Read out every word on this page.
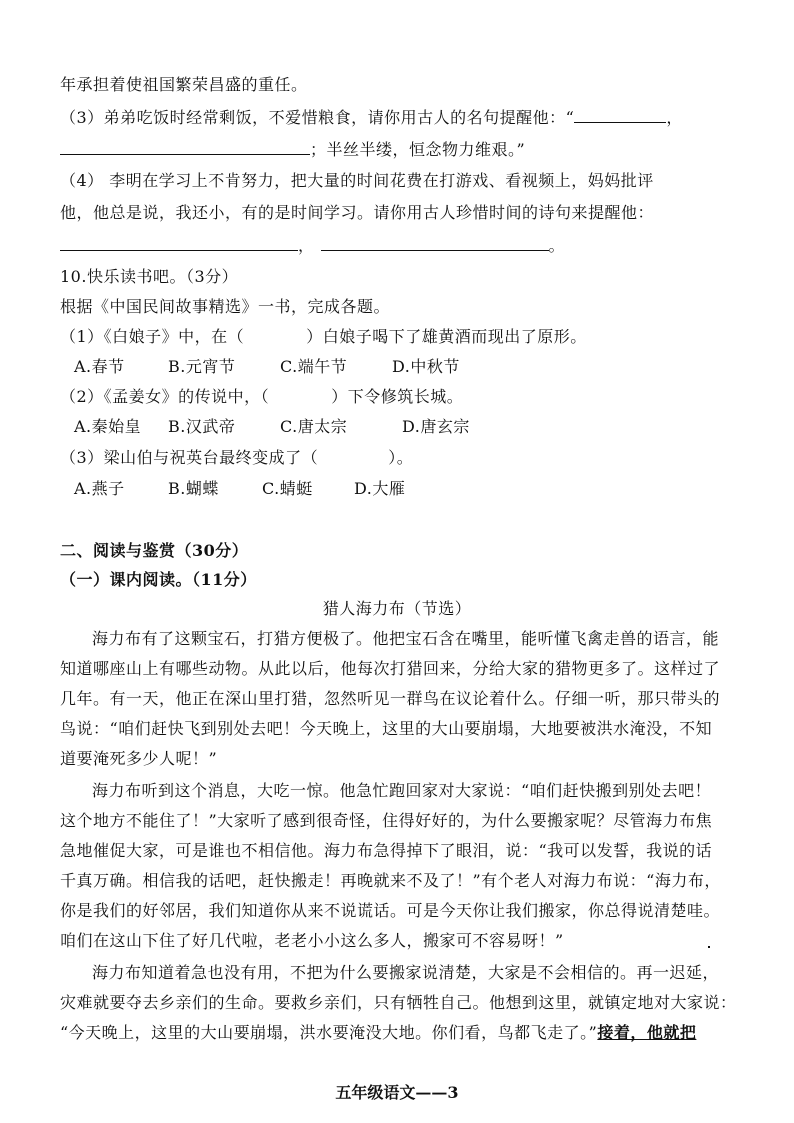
年承担着使祖国繁荣昌盛的重任。
（3）弟弟吃饭时经常剩饭，不爱惜粮食，请你用古人的名句提醒他：“	，
；半丝半缕，恒念物力维艰。”
（4） 李明在学习上不肯努力，把大量的时间花费在打游戏、看视频上，妈妈批评
他，他总是说，我还小，有的是时间学习。请你用古人珍惜时间的诗句来提醒他：
，	。
10.快乐读书吧。（3分）
根据《中国民间故事精选》一书，完成各题。
（1）《白娘子》中，在（	）白娘子喝下了雄黄酒而现出了原形。
A.春节	B.元宵节	C.端午节	D.中秋节
（2）《孟姜女》的传说中，（	）下令修筑长城。
A.秦始皇 B.汉武帝	C.唐太宗	D.唐玄宗
（3）梁山伯与祝英台最终变成了（	）。
A.燕子	B.蝴蝶	C.蜻蜓	D.大雁
二、阅读与鉴赏（30分）
（一）课内阅读。（11分）
猎人海力布（节选）
海力布有了这颗宝石，打猎方便极了。他把宝石含在嘴里，能听懂飞禽走兽的语言，能
知道哪座山上有哪些动物。从此以后，他每次打猎回来，分给大家的猎物更多了。这样过了
几年。有一天，他正在深山里打猎，忽然听见一群鸟在议论着什么。仔细一听，那只带头的
鸟说：“咱们赶快飞到别处去吧！今天晚上，这里的大山要崩塌，大地要被洪水淹没，不知
道要淹死多少人呢！”
海力布听到这个消息，大吃一惊。他急忙跑回家对大家说：“咱们赶快搬到别处去吧！
这个地方不能住了！”大家听了感到很奇怪，住得好好的，为什么要搬家呢？尽管海力布焦
急地催促大家，可是谁也不相信他。海力布急得掉下了眼泪，说：“我可以发誓，我说的话
千真万确。相信我的话吧，赶快搬走！再晚就来不及了！”有个老人对海力布说：“海力布，
你是我们的好邻居，我们知道你从来不说谎话。可是今天你让我们搬家，你总得说清楚哇。
咱们在这山下住了好几代啦，老老小小这么多人，搬家可不容易呀！”
海力布知道着急也没有用，不把为什么要搬家说清楚，大家是不会相信的。再一迟延，
灾难就要夺去乡亲们的生命。要救乡亲们，只有牺牲自己。他想到这里，就镇定地对大家说：
“今天晚上，这里的大山要崩塌，洪水要淹没大地。你们看，鸟都飞走了。”接着，他就把
五年级语文——3
